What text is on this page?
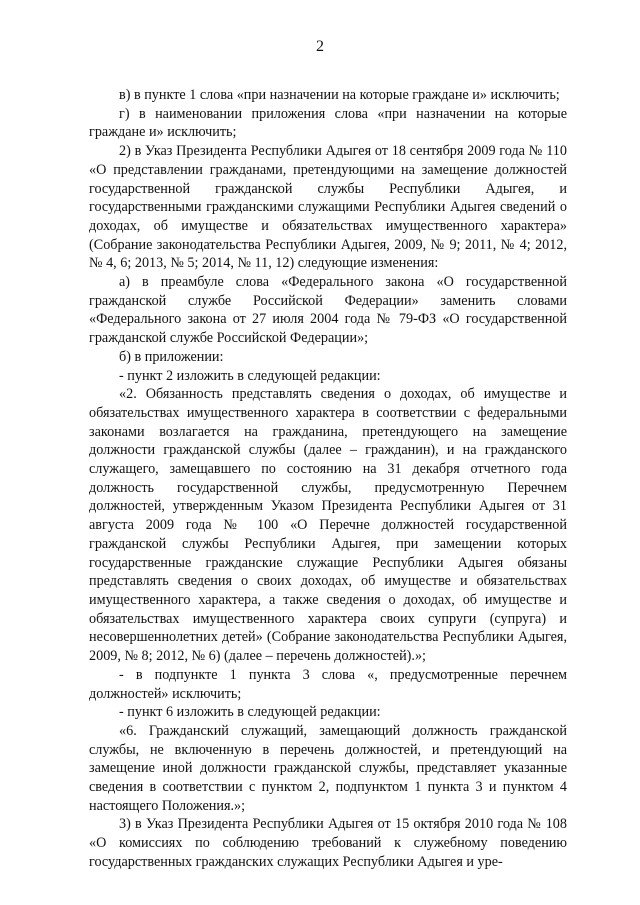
2

в) в пункте 1 слова «при назначении на которые граждане и» исключить;

г) в наименовании приложения слова «при назначении на которые граждане и» исключить;

2) в Указ Президента Республики Адыгея от 18 сентября 2009 года № 110 «О представлении гражданами, претендующими на замещение должностей государственной гражданской службы Республики Адыгея, и государственными гражданскими служащими Республики Адыгея сведений о доходах, об имуществе и обязательствах имущественного характера» (Собрание законодательства Республики Адыгея, 2009, № 9; 2011, № 4; 2012, № 4, 6; 2013, № 5; 2014, № 11, 12) следующие изменения:

а) в преамбуле слова «Федерального закона «О государственной гражданской службе Российской Федерации» заменить словами «Федерального закона от 27 июля 2004 года № 79-ФЗ «О государственной гражданской службе Российской Федерации»;

б) в приложении:

- пункт 2 изложить в следующей редакции:

«2. Обязанность представлять сведения о доходах, об имуществе и обязательствах имущественного характера в соответствии с федеральными законами возлагается на гражданина, претендующего на замещение должности гражданской службы (далее – гражданин), и на гражданского служащего, замещавшего по состоянию на 31 декабря отчетного года должность государственной службы, предусмотренную Перечнем должностей, утвержденным Указом Президента Республики Адыгея от 31 августа 2009 года № 100 «О Перечне должностей государственной гражданской службы Республики Адыгея, при замещении которых государственные гражданские служащие Республики Адыгея обязаны представлять сведения о своих доходах, об имуществе и обязательствах имущественного характера, а также сведения о доходах, об имуществе и обязательствах имущественного характера своих супруги (супруга) и несовершеннолетних детей» (Собрание законодательства Республики Адыгея, 2009, № 8; 2012, № 6) (далее – перечень должностей).»;

- в подпункте 1 пункта 3 слова «, предусмотренные перечнем должностей» исключить;

- пункт 6 изложить в следующей редакции:

«6. Гражданский служащий, замещающий должность гражданской службы, не включенную в перечень должностей, и претендующий на замещение иной должности гражданской службы, представляет указанные сведения в соответствии с пунктом 2, подпунктом 1 пункта 3 и пунктом 4 настоящего Положения.»;

3) в Указ Президента Республики Адыгея от 15 октября 2010 года № 108 «О комиссиях по соблюдению требований к служебному поведению государственных гражданских служащих Республики Адыгея и уре-
